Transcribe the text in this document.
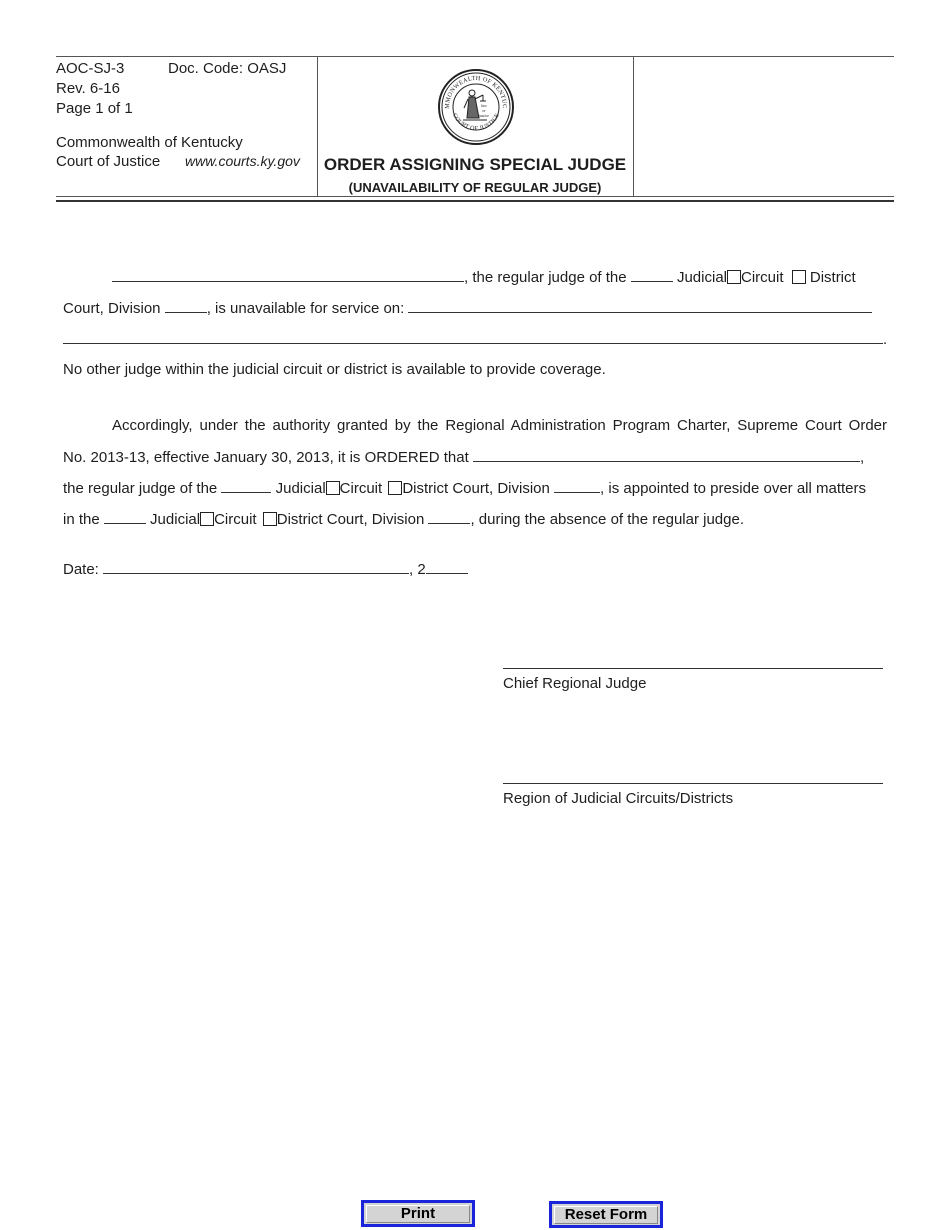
AOC-SJ-3	Doc. Code: OASJ
Rev. 6-16
Page 1 of 1
Commonwealth of Kentucky
Court of Justice www.courts.ky.gov
MMONWEALTH OF KENTUC
COURT OF JUSTICE
law
or
justice
ORDER ASSIGNING SPECIAL JUDGE
(UNAVAILABILITY OF REGULAR JUDGE)
, the regular judge of the	Judicial Circuit District
Court, Division	, is unavailable for service on:
.
No other judge within the judicial circuit or district is available to provide coverage.
Accordingly, under the authority granted by the Regional Administration Program Charter, Supreme Court Order
No. 2013-13, effective January 30, 2013, it is ORDERED that	,
the regular judge of the	Judicial Circuit District Court, Division	, is appointed to preside over all matters
in the	Judicial Circuit District Court, Division	, during the absence of the regular judge.
Date:	, 2
Chief Regional Judge
Region of Judicial Circuits/Districts
Print	Reset Form
